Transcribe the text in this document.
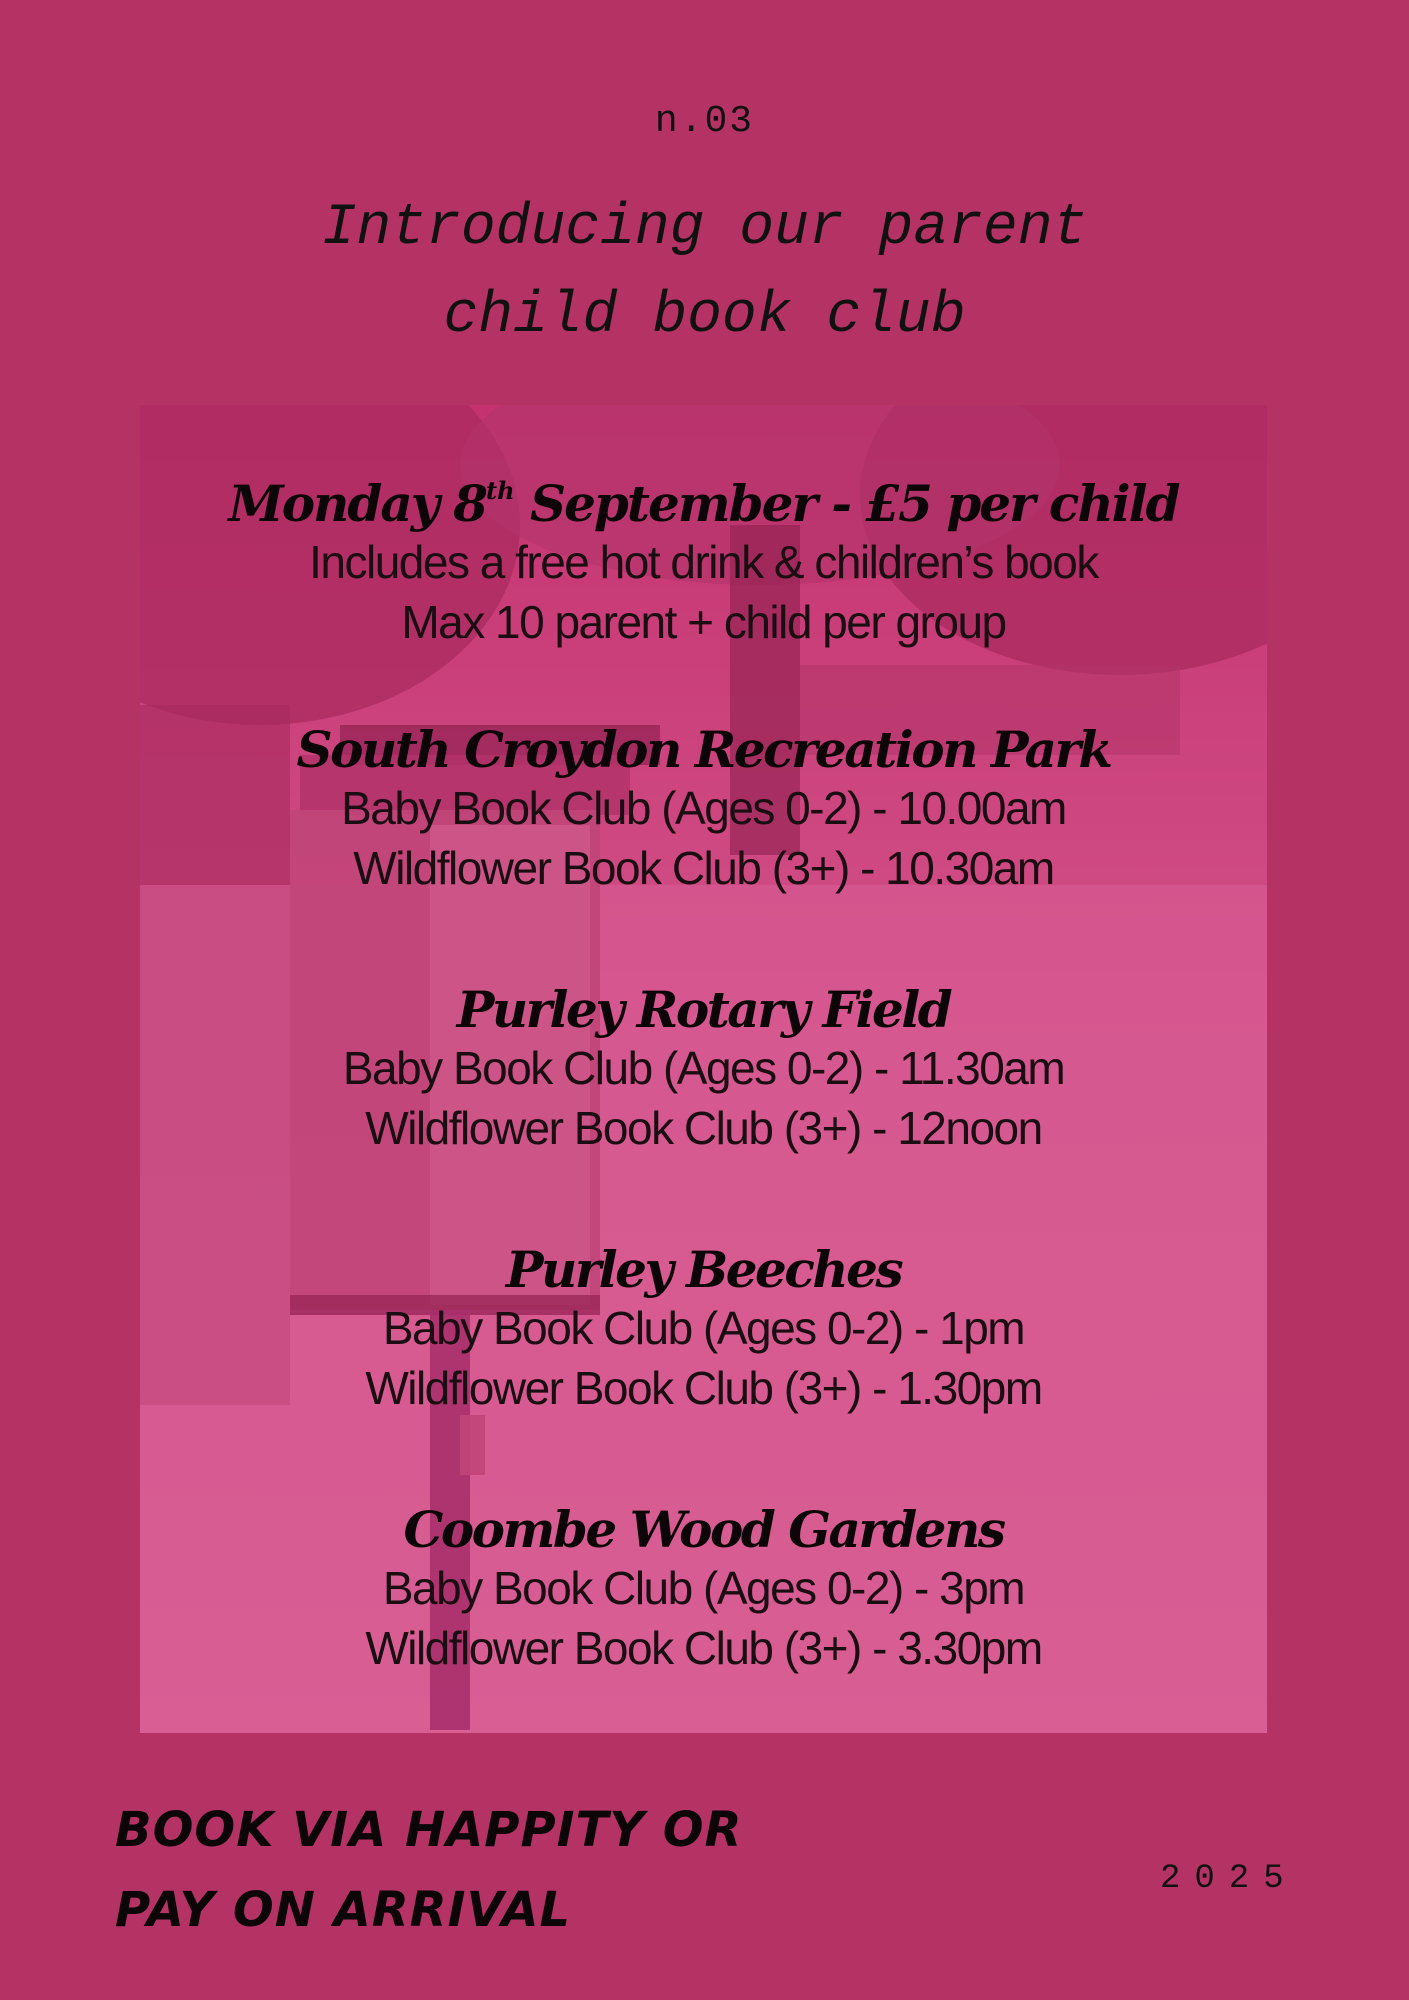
n.03
Introducing our parent
child book club
Monday 8th September - £5 per child
Includes a free hot drink & children’s book
Max 10 parent + child per group
South Croydon Recreation Park
Baby Book Club (Ages 0-2) - 10.00am
Wildflower Book Club (3+) - 10.30am
Purley Rotary Field
Baby Book Club (Ages 0-2) - 11.30am
Wildflower Book Club (3+) - 12noon
Purley Beeches
Baby Book Club (Ages 0-2) - 1pm
Wildflower Book Club (3+) - 1.30pm
Coombe Wood Gardens
Baby Book Club (Ages 0-2) - 3pm
Wildflower Book Club (3+) - 3.30pm
BOOK VIA HAPPITY OR
PAY ON ARRIVAL
2025
